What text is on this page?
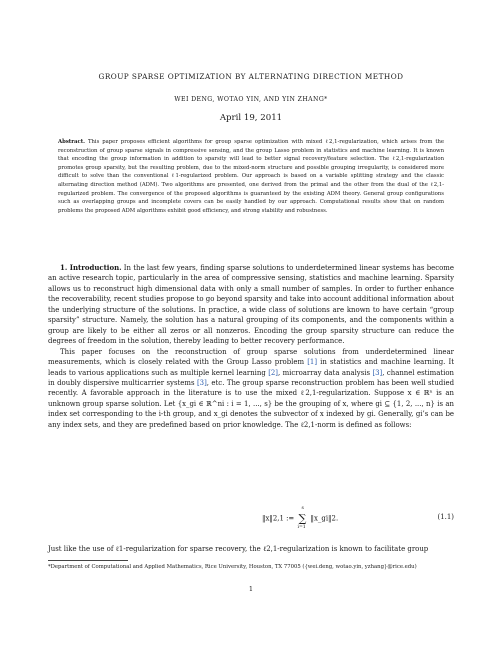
GROUP SPARSE OPTIMIZATION BY ALTERNATING DIRECTION METHOD
WEI DENG, WOTAO YIN, AND YIN ZHANG*
April 19, 2011
Abstract. This paper proposes efficient algorithms for group sparse optimization with mixed ℓ2,1-regularization, which arises from the reconstruction of group sparse signals in compressive sensing, and the group Lasso problem in statistics and machine learning. It is known that encoding the group information in addition to sparsity will lead to better signal recovery/feature selection. The ℓ2,1-regularization promotes group sparsity, but the resulting problem, due to the mixed-norm structure and possible grouping irregularity, is considered more difficult to solve than the conventional ℓ1-regularized problem. Our approach is based on a variable splitting strategy and the classic alternating direction method (ADM). Two algorithms are presented, one derived from the primal and the other from the dual of the ℓ2,1-regularized problem. The convergence of the proposed algorithms is guaranteed by the existing ADM theory. General group configurations such as overlapping groups and incomplete covers can be easily handled by our approach. Computational results show that on random problems the proposed ADM algorithms exhibit good efficiency, and strong stability and robustness.

1. Introduction. In the last few years, finding sparse solutions to underdetermined linear systems has become an active research topic, particularly in the area of compressive sensing, statistics and machine learning. Sparsity allows us to reconstruct high dimensional data with only a small number of samples. In order to further enhance the recoverability, recent studies propose to go beyond sparsity and take into account additional information about the underlying structure of the solutions. In practice, a wide class of solutions are known to have certain “group sparsity” structure. Namely, the solution has a natural grouping of its components, and the components within a group are likely to be either all zeros or all nonzeros. Encoding the group sparsity structure can reduce the degrees of freedom in the solution, thereby leading to better recovery performance.

This paper focuses on the reconstruction of group sparse solutions from underdetermined linear measurements, which is closely related with the Group Lasso problem [1] in statistics and machine learning. It leads to various applications such as multiple kernel learning [2], microarray data analysis [3], channel estimation in doubly dispersive multicarrier systems [3], etc. The group sparse reconstruction problem has been well studied recently. A favorable approach in the literature is to use the mixed ℓ2,1-regularization. Suppose x ∈ ℝⁿ is an unknown group sparse solution. Let {x_gi ∈ ℝ^ni : i = 1, ..., s} be the grouping of x, where gi ⊆ {1, 2, ..., n} is an index set corresponding to the i-th group, and x_gi denotes the subvector of x indexed by gi. Generally, gi’s can be any index sets, and they are predefined based on prior knowledge. The ℓ2,1-norm is defined as follows:

‖x‖2,1 := ∑
s
i=1
‖x_gi‖2.	(1.1)
Just like the use of ℓ1-regularization for sparse recovery, the ℓ2,1-regularization is known to facilitate group
*Department of Computational and Applied Mathematics, Rice University, Houston, TX 77005 ({wei.deng, wotao.yin, yzhang}@rice.edu)
1
